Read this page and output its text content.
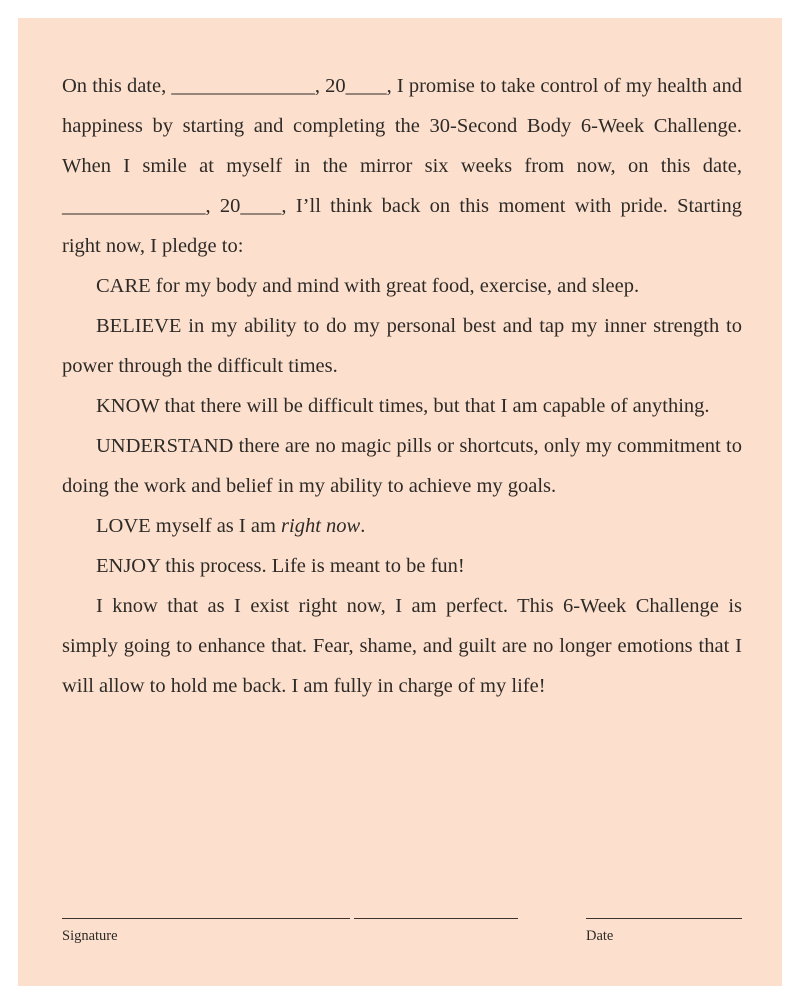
On this date, ______________, 20____, I promise to take control of my health and happiness by starting and completing the 30-Second Body 6-Week Challenge. When I smile at myself in the mirror six weeks from now, on this date, ______________, 20____, I’ll think back on this moment with pride. Starting right now, I pledge to:

CARE for my body and mind with great food, exercise, and sleep.

BELIEVE in my ability to do my personal best and tap my inner strength to power through the difficult times.

KNOW that there will be difficult times, but that I am capable of anything.

UNDERSTAND there are no magic pills or shortcuts, only my commitment to doing the work and belief in my ability to achieve my goals.

LOVE myself as I am right now.

ENJOY this process. Life is meant to be fun!

I know that as I exist right now, I am perfect. This 6-Week Challenge is simply going to enhance that. Fear, shame, and guilt are no longer emotions that I will allow to hold me back. I am fully in charge of my life!

Signature	Date
